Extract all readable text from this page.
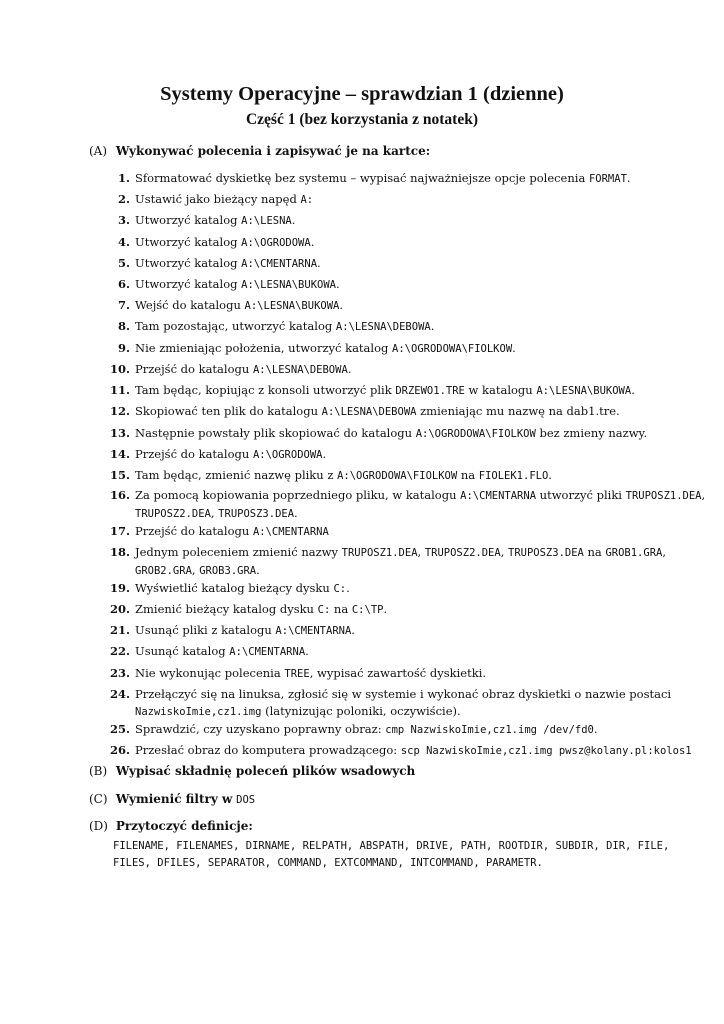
Systemy Operacyjne – sprawdzian 1 (dzienne)
Część 1 (bez korzystania z notatek)
(A) Wykonywać polecenia i zapisywać je na kartce:
1. Sformatować dyskietkę bez systemu – wypisać najważniejsze opcje polecenia FORMAT.
2. Ustawić jako bieżący napęd A:
3. Utworzyć katalog A:\LESNA.
4. Utworzyć katalog A:\OGRODOWA.
5. Utworzyć katalog A:\CMENTARNA.
6. Utworzyć katalog A:\LESNA\BUKOWA.
7. Wejść do katalogu A:\LESNA\BUKOWA.
8. Tam pozostając, utworzyć katalog A:\LESNA\DEBOWA.
9. Nie zmieniając położenia, utworzyć katalog A:\OGRODOWA\FIOLKOW.
10. Przejść do katalogu A:\LESNA\DEBOWA.
11. Tam będąc, kopiując z konsoli utworzyć plik DRZEWO1.TRE w katalogu A:\LESNA\BUKOWA.
12. Skopiować ten plik do katalogu A:\LESNA\DEBOWA zmieniając mu nazwę na dab1.tre.
13. Następnie powstały plik skopiować do katalogu A:\OGRODOWA\FIOLKOW bez zmieny nazwy.
14. Przejść do katalogu A:\OGRODOWA.
15. Tam będąc, zmienić nazwę pliku z A:\OGRODOWA\FIOLKOW na FIOLEK1.FLO.
16. Za pomocą kopiowania poprzedniego pliku, w katalogu A:\CMENTARNA utworzyć pliki TRUPOSZ1.DEA, TRUPOSZ2.DEA, TRUPOSZ3.DEA.
17. Przejść do katalogu A:\CMENTARNA
18. Jednym poleceniem zmienić nazwy TRUPOSZ1.DEA, TRUPOSZ2.DEA, TRUPOSZ3.DEA na GROB1.GRA, GROB2.GRA, GROB3.GRA.
19. Wyświetlić katalog bieżący dysku C:.
20. Zmienić bieżący katalog dysku C: na C:\TP.
21. Usunąć pliki z katalogu A:\CMENTARNA.
22. Usunąć katalog A:\CMENTARNA.
23. Nie wykonując polecenia TREE, wypisać zawartość dyskietki.
24. Przełączyć się na linuksa, zgłosić się w systemie i wykonać obraz dyskietki o nazwie postaci NazwiskoImie,cz1.img (latynizując poloniki, oczywiście).
25. Sprawdzić, czy uzyskano poprawny obraz: cmp NazwiskoImie,cz1.img /dev/fd0.
26. Przesłać obraz do komputera prowadzącego: scp NazwiskoImie,cz1.img pwsz@kolany.pl:kolos1
(B) Wypisać składnię poleceń plików wsadowych
(C) Wymienić filtry w DOS
(D) Przytoczyć definicje:
FILENAME, FILENAMES, DIRNAME, RELPATH, ABSPATH, DRIVE, PATH, ROOTDIR, SUBDIR, DIR, FILE, FILES, DFILES, SEPARATOR, COMMAND, EXTCOMMAND, INTCOMMAND, PARAMETR.
